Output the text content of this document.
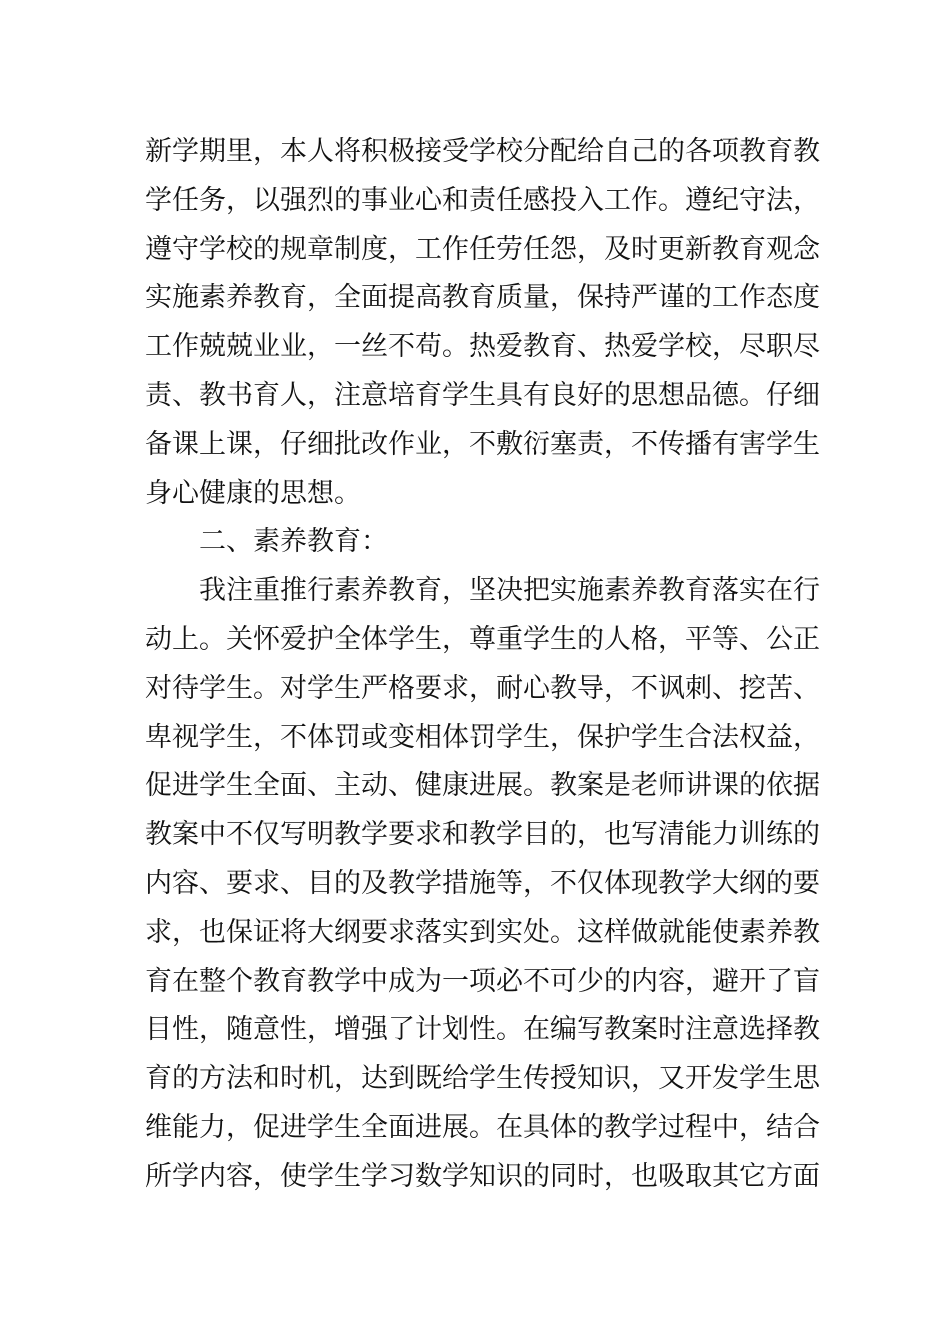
新学期里，本人将积极接受学校分配给自己的各项教育教
学任务，以强烈的事业心和责任感投入工作。遵纪守法，
遵守学校的规章制度，工作任劳任怨，及时更新教育观念
实施素养教育，全面提高教育质量，保持严谨的工作态度
工作兢兢业业，一丝不苟。热爱教育、热爱学校，尽职尽
责、教书育人，注意培育学生具有良好的思想品德。仔细
备课上课，仔细批改作业，不敷衍塞责，不传播有害学生
身心健康的思想。
二、素养教育：
我注重推行素养教育，坚决把实施素养教育落实在行
动上。关怀爱护全体学生，尊重学生的人格，平等、公正
对待学生。对学生严格要求，耐心教导，不讽刺、挖苦、
卑视学生，不体罚或变相体罚学生，保护学生合法权益，
促进学生全面、主动、健康进展。教案是老师讲课的依据
教案中不仅写明教学要求和教学目的，也写清能力训练的
内容、要求、目的及教学措施等，不仅体现教学大纲的要
求，也保证将大纲要求落实到实处。这样做就能使素养教
育在整个教育教学中成为一项必不可少的内容，避开了盲
目性，随意性，增强了计划性。在编写教案时注意选择教
育的方法和时机，达到既给学生传授知识，又开发学生思
维能力，促进学生全面进展。在具体的教学过程中，结合
所学内容，使学生学习数学知识的同时，也吸取其它方面
